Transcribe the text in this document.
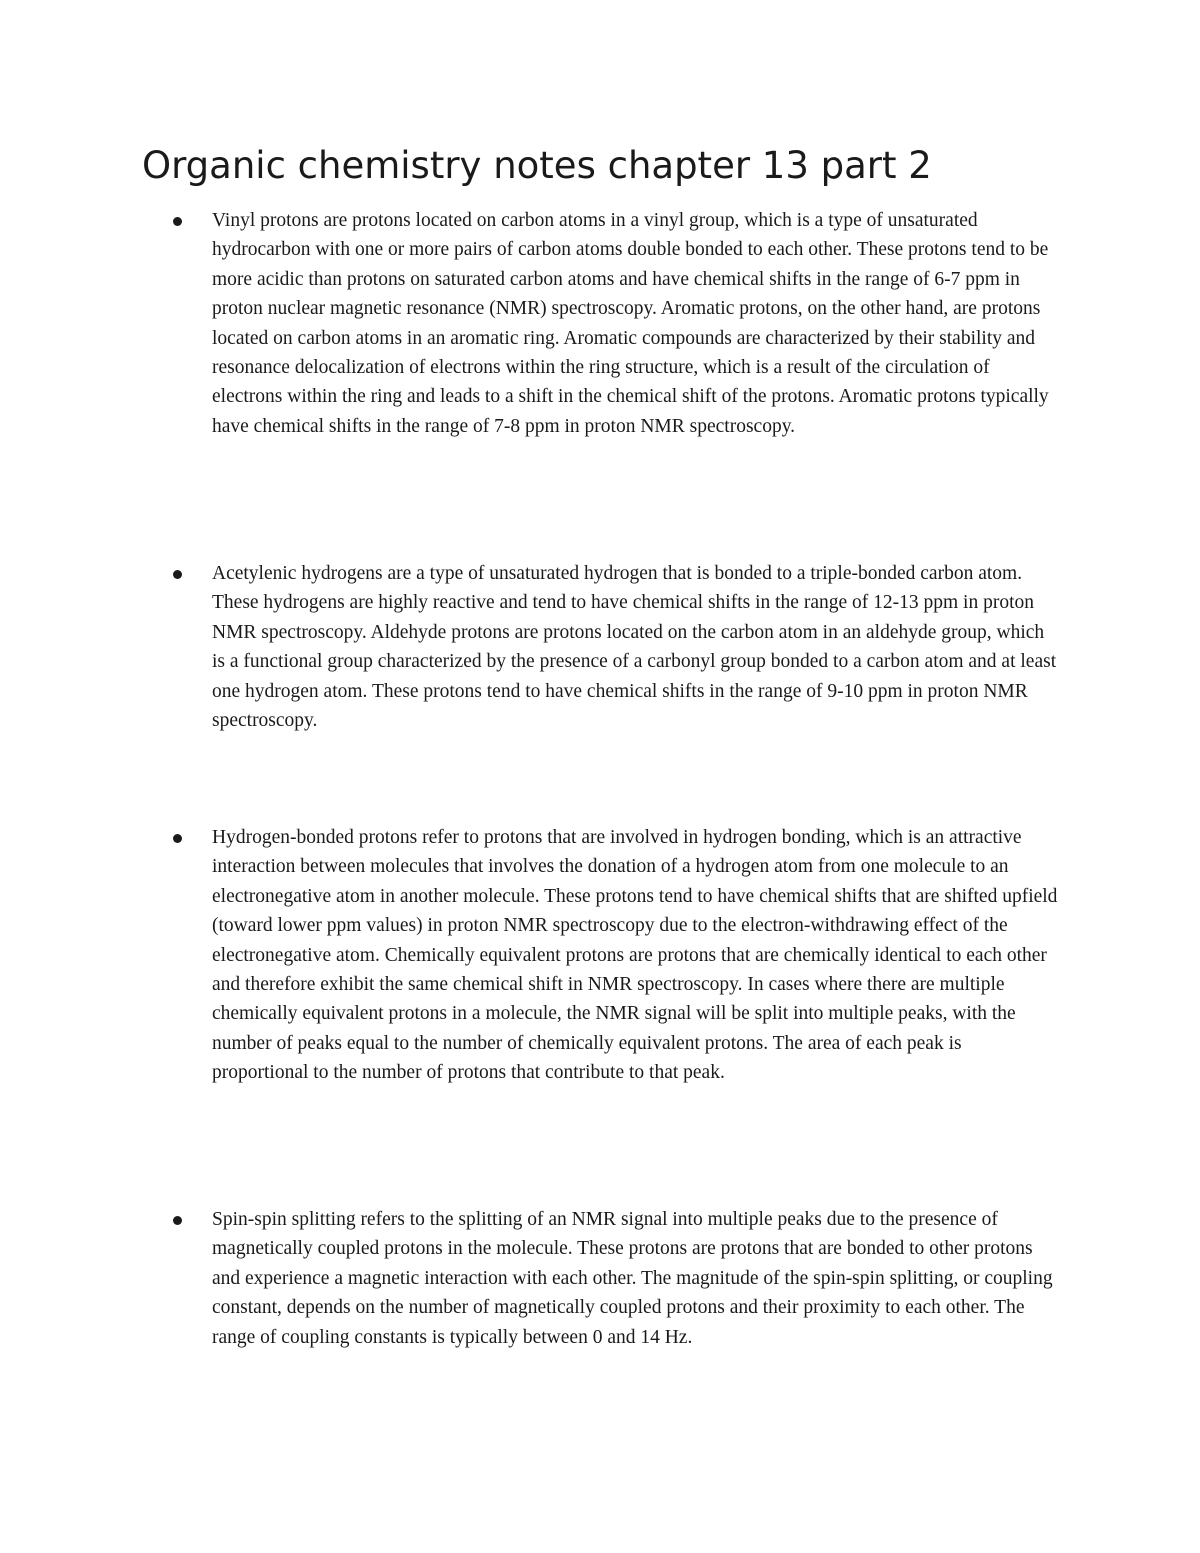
Organic chemistry notes chapter 13 part 2
Vinyl protons are protons located on carbon atoms in a vinyl group, which is a type of unsaturated hydrocarbon with one or more pairs of carbon atoms double bonded to each other. These protons tend to be more acidic than protons on saturated carbon atoms and have chemical shifts in the range of 6-7 ppm in proton nuclear magnetic resonance (NMR) spectroscopy. Aromatic protons, on the other hand, are protons located on carbon atoms in an aromatic ring. Aromatic compounds are characterized by their stability and resonance delocalization of electrons within the ring structure, which is a result of the circulation of electrons within the ring and leads to a shift in the chemical shift of the protons. Aromatic protons typically have chemical shifts in the range of 7-8 ppm in proton NMR spectroscopy.
Acetylenic hydrogens are a type of unsaturated hydrogen that is bonded to a triple-bonded carbon atom. These hydrogens are highly reactive and tend to have chemical shifts in the range of 12-13 ppm in proton NMR spectroscopy. Aldehyde protons are protons located on the carbon atom in an aldehyde group, which is a functional group characterized by the presence of a carbonyl group bonded to a carbon atom and at least one hydrogen atom. These protons tend to have chemical shifts in the range of 9-10 ppm in proton NMR spectroscopy.
Hydrogen-bonded protons refer to protons that are involved in hydrogen bonding, which is an attractive interaction between molecules that involves the donation of a hydrogen atom from one molecule to an electronegative atom in another molecule. These protons tend to have chemical shifts that are shifted upfield (toward lower ppm values) in proton NMR spectroscopy due to the electron-withdrawing effect of the electronegative atom. Chemically equivalent protons are protons that are chemically identical to each other and therefore exhibit the same chemical shift in NMR spectroscopy. In cases where there are multiple chemically equivalent protons in a molecule, the NMR signal will be split into multiple peaks, with the number of peaks equal to the number of chemically equivalent protons. The area of each peak is proportional to the number of protons that contribute to that peak.
Spin-spin splitting refers to the splitting of an NMR signal into multiple peaks due to the presence of magnetically coupled protons in the molecule. These protons are protons that are bonded to other protons and experience a magnetic interaction with each other. The magnitude of the spin-spin splitting, or coupling constant, depends on the number of magnetically coupled protons and their proximity to each other. The range of coupling constants is typically between 0 and 14 Hz.
